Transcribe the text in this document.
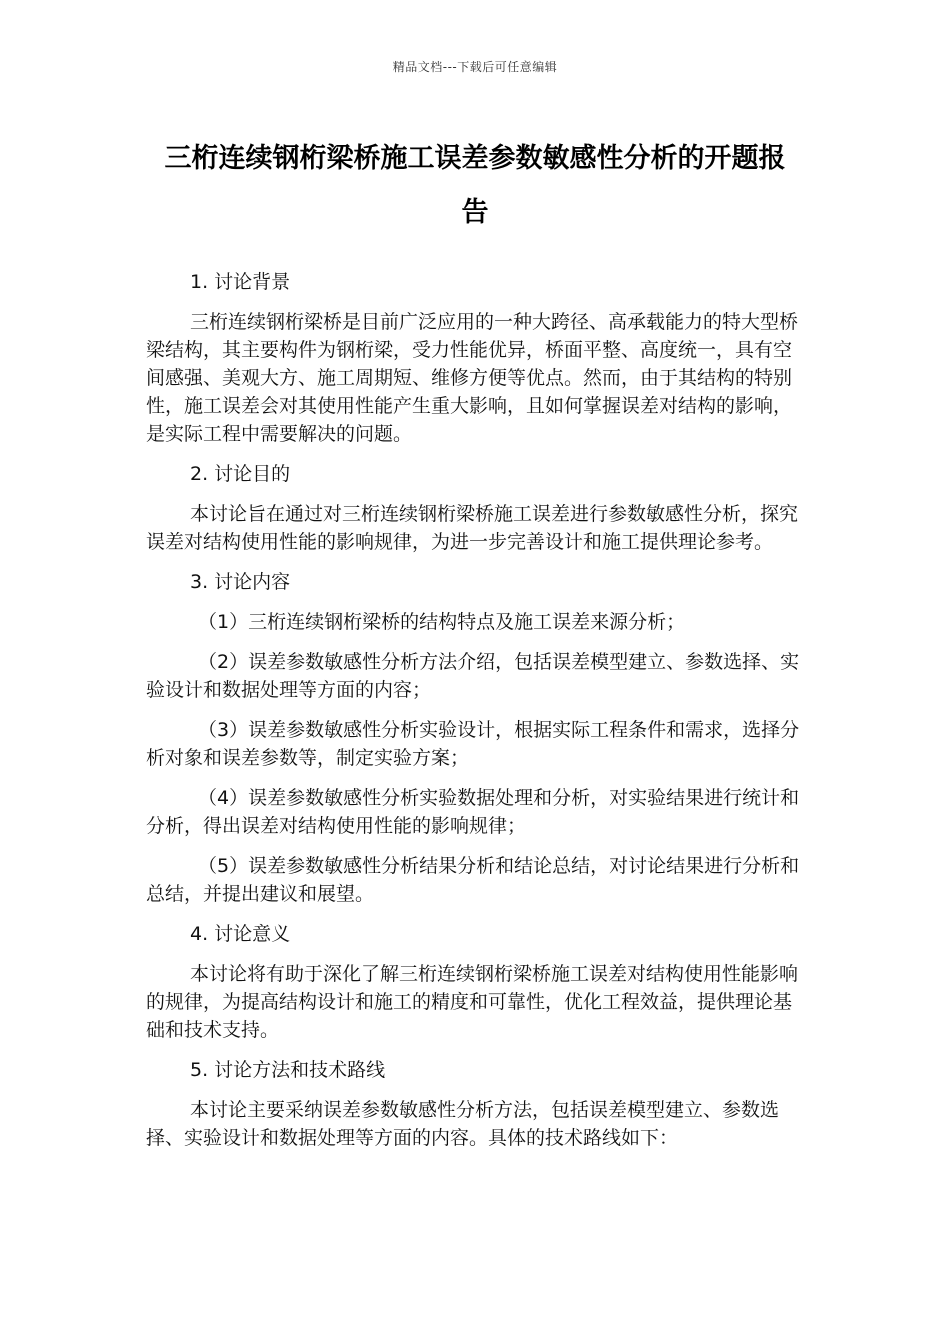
精品文档---下载后可任意编辑
三桁连续钢桁梁桥施工误差参数敏感性分析的开题报
告
1. 讨论背景
三桁连续钢桁梁桥是目前广泛应用的一种大跨径、高承载能力的特大型桥梁结构，其主要构件为钢桁梁，受力性能优异，桥面平整、高度统一，具有空间感强、美观大方、施工周期短、维修方便等优点。然而，由于其结构的特别性，施工误差会对其使用性能产生重大影响，且如何掌握误差对结构的影响，是实际工程中需要解决的问题。
2. 讨论目的
本讨论旨在通过对三桁连续钢桁梁桥施工误差进行参数敏感性分析，探究误差对结构使用性能的影响规律，为进一步完善设计和施工提供理论参考。
3. 讨论内容
（1）三桁连续钢桁梁桥的结构特点及施工误差来源分析；
（2）误差参数敏感性分析方法介绍，包括误差模型建立、参数选择、实验设计和数据处理等方面的内容；
（3）误差参数敏感性分析实验设计，根据实际工程条件和需求，选择分析对象和误差参数等，制定实验方案；
（4）误差参数敏感性分析实验数据处理和分析，对实验结果进行统计和分析，得出误差对结构使用性能的影响规律；
（5）误差参数敏感性分析结果分析和结论总结，对讨论结果进行分析和总结，并提出建议和展望。
4. 讨论意义
本讨论将有助于深化了解三桁连续钢桁梁桥施工误差对结构使用性能影响的规律，为提高结构设计和施工的精度和可靠性，优化工程效益，提供理论基础和技术支持。
5. 讨论方法和技术路线
本讨论主要采纳误差参数敏感性分析方法，包括误差模型建立、参数选择、实验设计和数据处理等方面的内容。具体的技术路线如下：
